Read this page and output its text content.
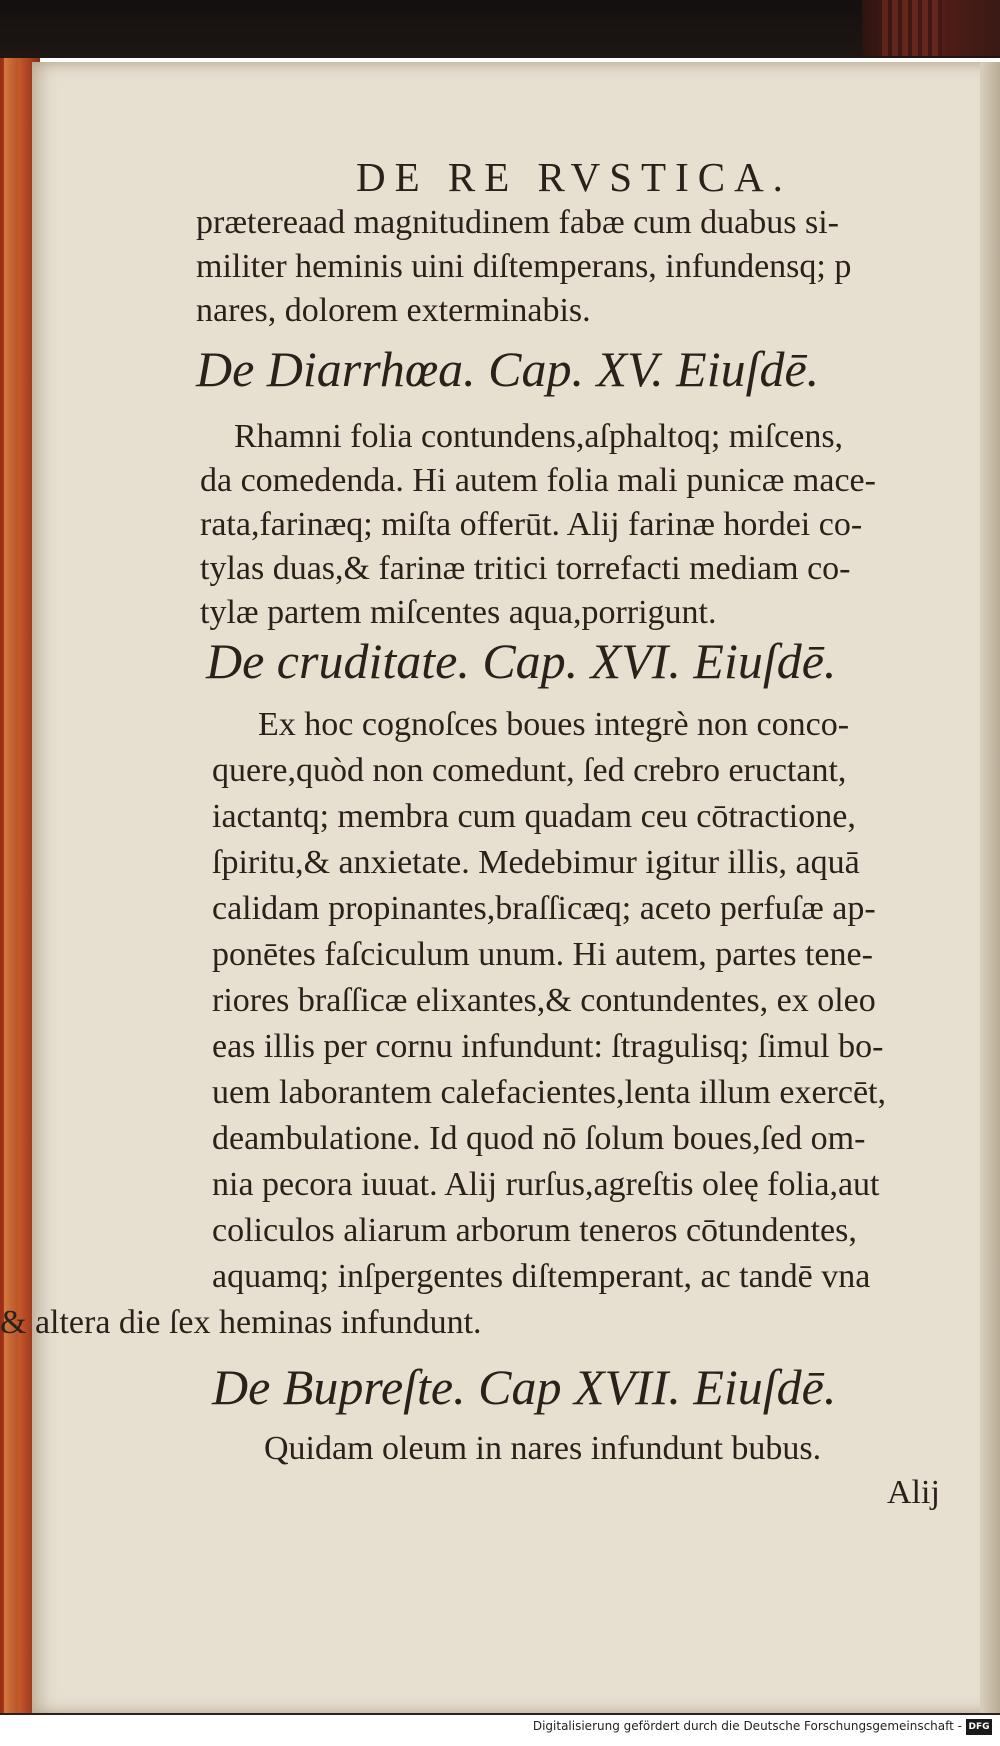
DE RE RVSTICA.
prætereaad magnitudinem fabæ cum duabus si-
militer heminis uini diſtemperans, infundensq; p
nares, dolorem exterminabis.
De Diarrhœa. Cap. XV. Eiuſdē.
Rhamni folia contundens,aſphaltoq; miſcens,
da comedenda. Hi autem folia mali punicæ mace-
rata,farinæq; miſta offerūt. Alij farinæ hordei co-
tylas duas,& farinæ tritici torrefacti mediam co-
tylæ partem miſcentes aqua,porrigunt.
De cruditate. Cap. XVI. Eiuſdē.
Ex hoc cognoſces boues integrè non conco-
quere,quòd non comedunt, ſed crebro eructant,
iactantq; membra cum quadam ceu cōtractione,
ſpiritu,& anxietate. Medebimur igitur illis, aquā
calidam propinantes,braſſicæq; aceto perfuſæ ap-
ponētes faſciculum unum. Hi autem, partes tene-
riores braſſicæ elixantes,& contundentes, ex oleo
eas illis per cornu infundunt: ſtragulisq; ſimul bo-
uem laborantem calefacientes,lenta illum exercēt,
deambulatione. Id quod nō ſolum boues,ſed om-
nia pecora iuuat. Alij rurſus,agreſtis oleę folia,aut
coliculos aliarum arborum teneros cōtundentes,
aquamq; inſpergentes diſtemperant, ac tandē vna
& altera die ſex heminas infundunt.
De Bupreſte. Cap XVII. Eiuſdē.
Quidam oleum in nares infundunt bubus.
Alij
Digitalisierung gefördert durch die Deutsche Forschungsgemeinschaft - DFG
